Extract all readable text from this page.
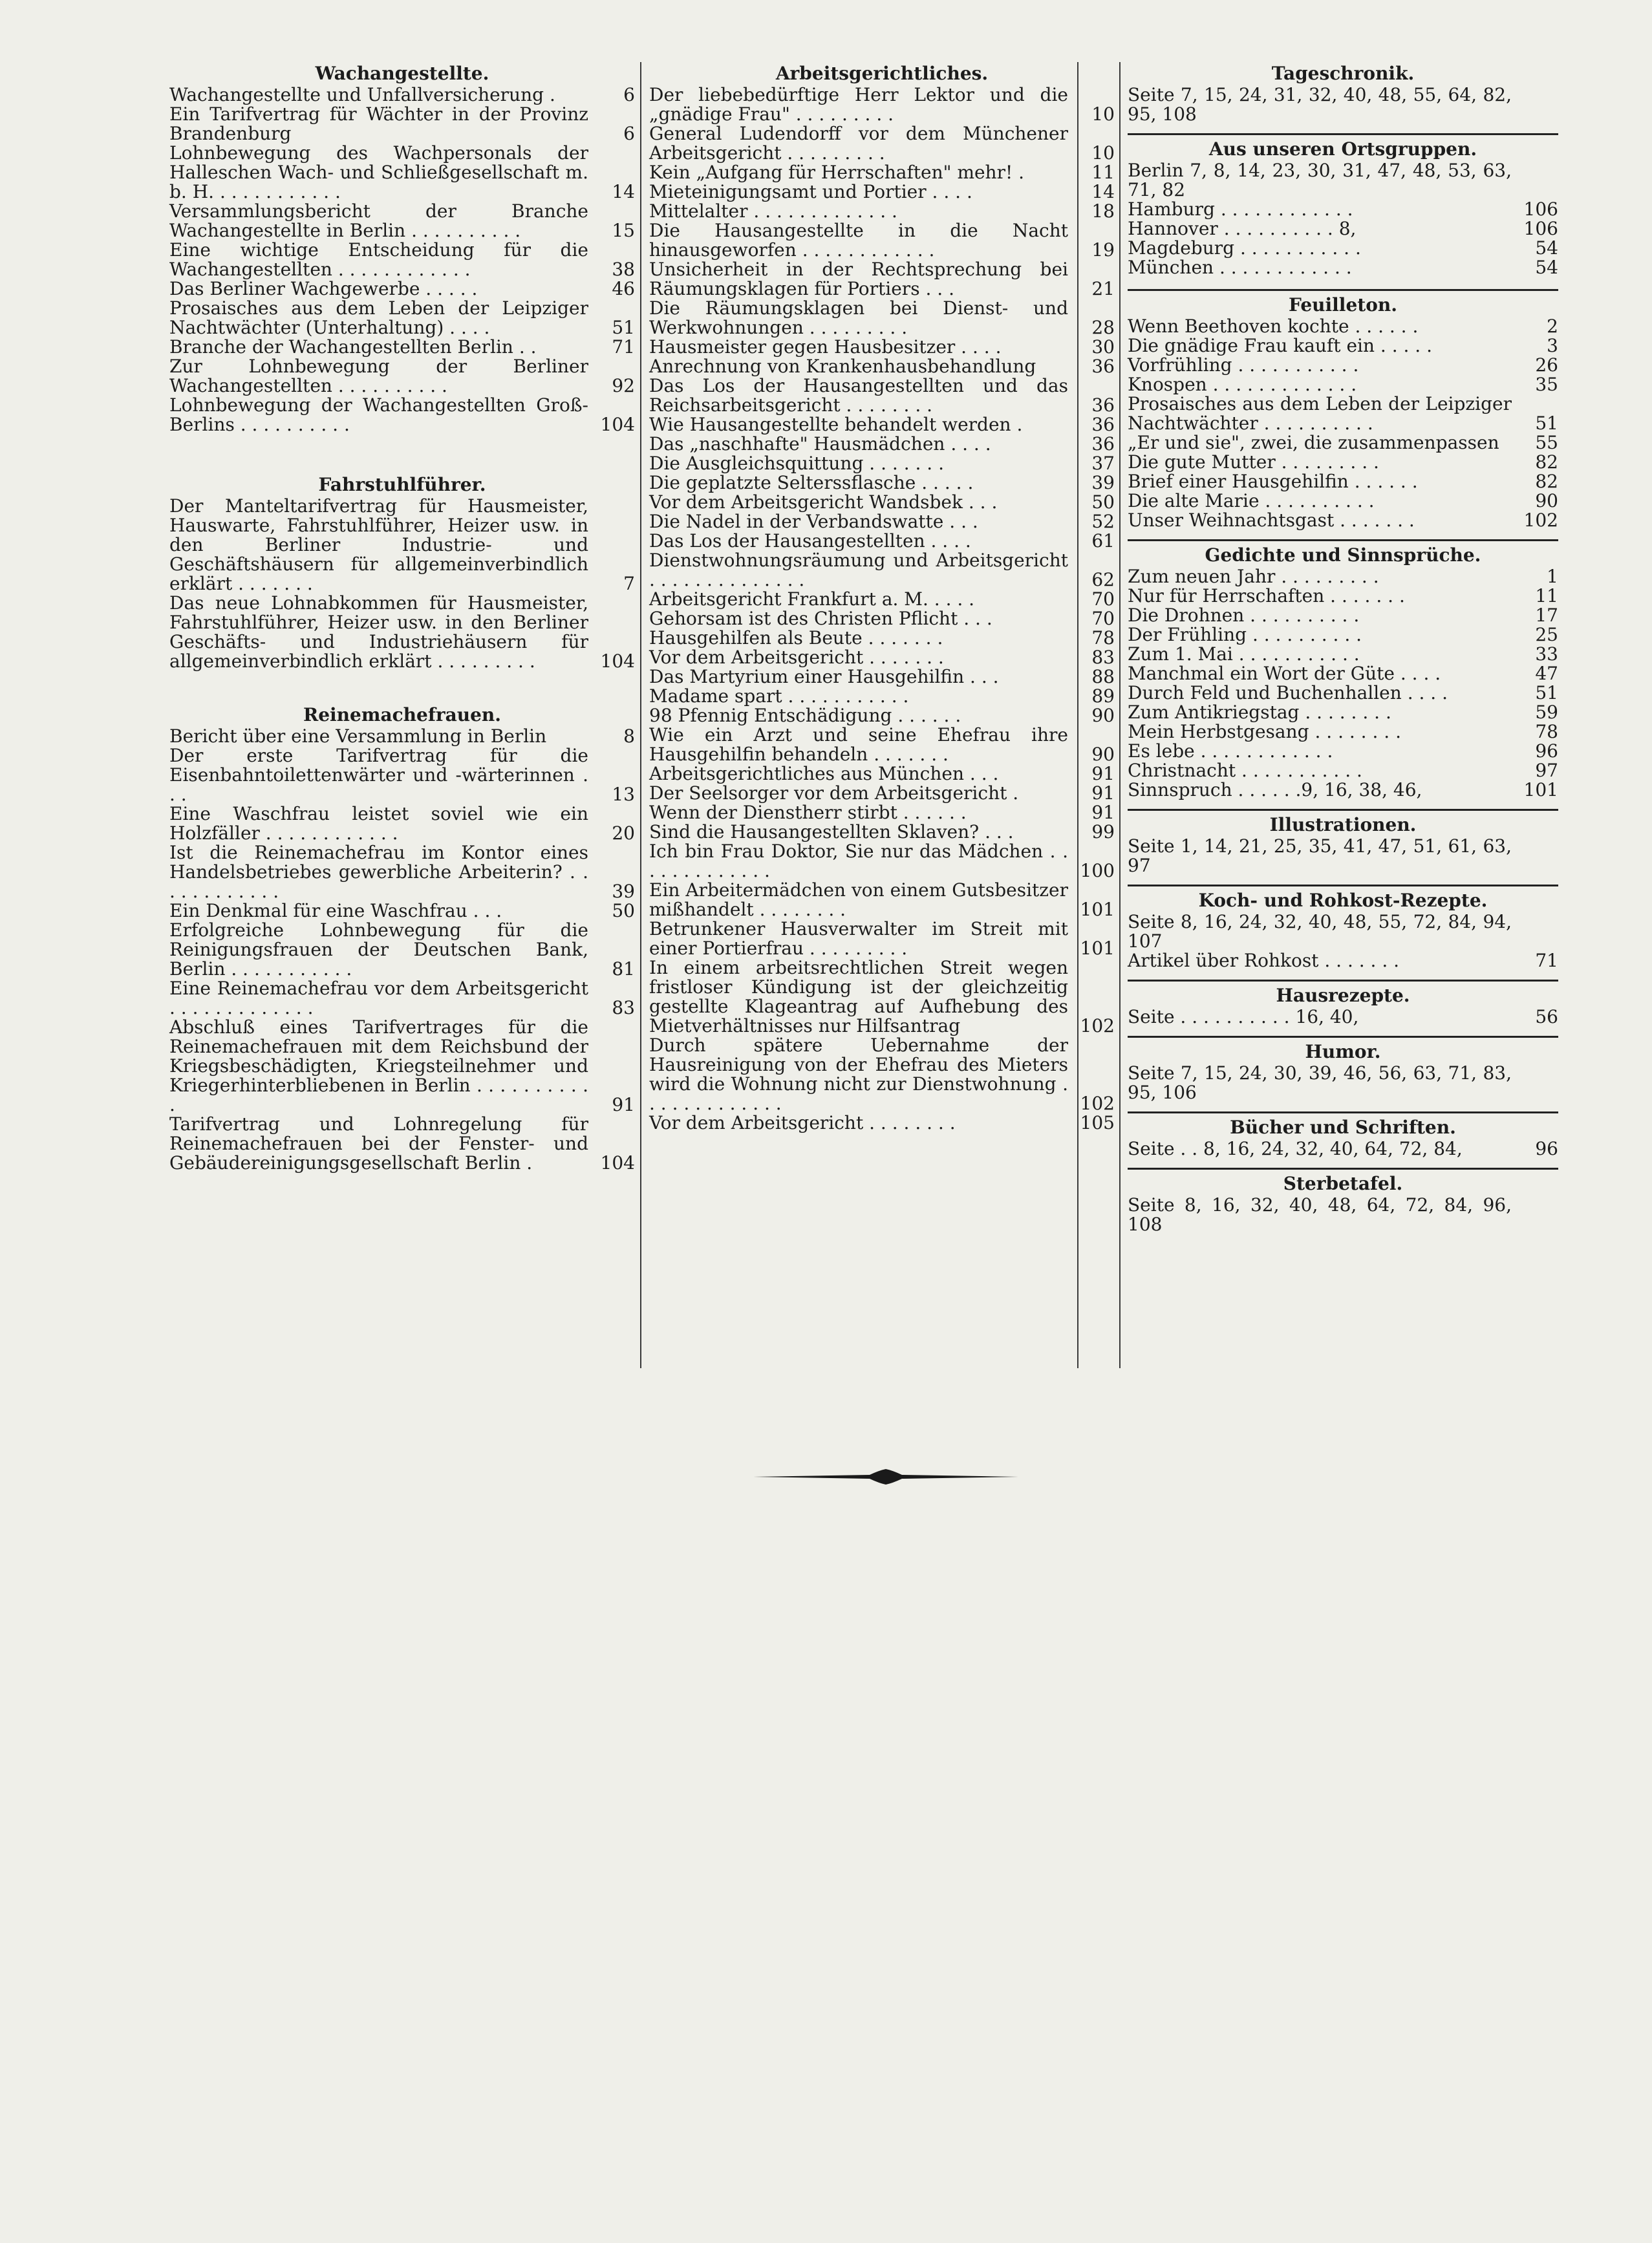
Wachangestellte.
Wachangestellte und Unfallversicherung .	6
Ein Tarifvertrag für Wächter in der Provinz Brandenburg	6
Lohnbewegung des Wachpersonals der Halleschen Wach- und Schließgesellschaft m. b. H. . . . . . . . . . . .	14
Versammlungsbericht der Branche Wachangestellte in Berlin . . . . . . . . . .	15
Eine wichtige Entscheidung für die Wachangestellten . . . . . . . . . . . .	38
Das Berliner Wachgewerbe . . . . .	46
Prosaisches aus dem Leben der Leipziger Nachtwächter (Unterhaltung) . . . .	51
Branche der Wachangestellten Berlin . .	71
Zur Lohnbewegung der Berliner Wachangestellten . . . . . . . . . .	92
Lohnbewegung der Wachangestellten Groß-Berlins . . . . . . . . . .	104
Fahrstuhlführer.
Der Manteltarifvertrag für Hausmeister, Hauswarte, Fahrstuhlführer, Heizer usw. in den Berliner Industrie- und Geschäftshäusern für allgemeinverbindlich erklärt . . . . . . .	7
Das neue Lohnabkommen für Hausmeister, Fahrstuhlführer, Heizer usw. in den Berliner Geschäfts- und Industriehäusern für allgemeinverbindlich erklärt . . . . . . . . .	104
Reinemachefrauen.
Bericht über eine Versammlung in Berlin	8
Der erste Tarifvertrag für die Eisenbahntoilettenwärter und -wärterinnen . . .	13
Eine Waschfrau leistet soviel wie ein Holzfäller . . . . . . . . . . . .	20
Ist die Reinemachefrau im Kontor eines Handelsbetriebes gewerbliche Arbeiterin? . . . . . . . . . . . .	39
Ein Denkmal für eine Waschfrau . . .	50
Erfolgreiche Lohnbewegung für die Reinigungsfrauen der Deutschen Bank, Berlin . . . . . . . . . . .	81
Eine Reinemachefrau vor dem Arbeitsgericht . . . . . . . . . . . . .	83
Abschluß eines Tarifvertrages für die Reinemachefrauen mit dem Reichsbund der Kriegsbeschädigten, Kriegsteilnehmer und Kriegerhinterbliebenen in Berlin . . . . . . . . . . .	91
Tarifvertrag und Lohnregelung für Reinemachefrauen bei der Fenster- und Gebäudereinigungsgesellschaft Berlin .	104
Arbeitsgerichtliches.
Der liebebedürftige Herr Lektor und die „gnädige Frau" . . . . . . . . .	10
General Ludendorff vor dem Münchener Arbeitsgericht . . . . . . . . .	10
Kein „Aufgang für Herrschaften" mehr! .	11
Mieteinigungsamt und Portier . . . .	14
Mittelalter . . . . . . . . . . . . .	18
Die Hausangestellte in die Nacht hinausgeworfen . . . . . . . . . . . .	19
Unsicherheit in der Rechtsprechung bei Räumungsklagen für Portiers . . .	21
Die Räumungsklagen bei Dienst- und Werkwohnungen . . . . . . . . .	28
Hausmeister gegen Hausbesitzer . . . .	30
Anrechnung von Krankenhausbehandlung	36
Das Los der Hausangestellten und das Reichsarbeitsgericht . . . . . . . .	36
Wie Hausangestellte behandelt werden .	36
Das „naschhafte" Hausmädchen . . . .	36
Die Ausgleichsquittung . . . . . . .	37
Die geplatzte Selterssflasche . . . . .	39
Vor dem Arbeitsgericht Wandsbek . . .	50
Die Nadel in der Verbandswatte . . .	52
Das Los der Hausangestellten . . . .	61
Dienstwohnungsräumung und Arbeitsgericht . . . . . . . . . . . . . .	62
Arbeitsgericht Frankfurt a. M. . . . .	70
Gehorsam ist des Christen Pflicht . . .	70
Hausgehilfen als Beute . . . . . . .	78
Vor dem Arbeitsgericht . . . . . . .	83
Das Martyrium einer Hausgehilfin . . .	88
Madame spart . . . . . . . . . . .	89
98 Pfennig Entschädigung . . . . . .	90
Wie ein Arzt und seine Ehefrau ihre Hausgehilfin behandeln . . . . . . .	90
Arbeitsgerichtliches aus München . . .	91
Der Seelsorger vor dem Arbeitsgericht .	91
Wenn der Dienstherr stirbt . . . . . .	91
Sind die Hausangestellten Sklaven? . . .	99
Ich bin Frau Doktor, Sie nur das Mädchen . . . . . . . . . . . . .	100
Ein Arbeitermädchen von einem Gutsbesitzer mißhandelt . . . . . . . .	101
Betrunkener Hausverwalter im Streit mit einer Portierfrau . . . . . . . . .	101
In einem arbeitsrechtlichen Streit wegen fristloser Kündigung ist der gleichzeitig gestellte Klageantrag auf Aufhebung des Mietverhältnisses nur Hilfsantrag	102
Durch spätere Uebernahme der Hausreinigung von der Ehefrau des Mieters wird die Wohnung nicht zur Dienstwohnung . . . . . . . . . . . . .	102
Vor dem Arbeitsgericht . . . . . . . .	105
Tageschronik.
Seite 7, 15, 24, 31, 32, 40, 48, 55, 64, 82, 95, 108
Aus unseren Ortsgruppen.
Berlin 7, 8, 14, 23, 30, 31, 47, 48, 53, 63, 71, 82
Hamburg . . . . . . . . . . . .	106
Hannover . . . . . . . . . . 8,	106
Magdeburg . . . . . . . . . . .	54
München . . . . . . . . . . . .	54
Feuilleton.
Wenn Beethoven kochte . . . . . .	2
Die gnädige Frau kauft ein . . . . .	3
Vorfrühling . . . . . . . . . . .	26
Knospen . . . . . . . . . . . . .	35
Prosaisches aus dem Leben der Leipziger Nachtwächter . . . . . . . . . .	51
„Er und sie", zwei, die zusammenpassen	55
Die gute Mutter . . . . . . . . .	82
Brief einer Hausgehilfin . . . . . .	82
Die alte Marie . . . . . . . . . .	90
Unser Weihnachtsgast . . . . . . .	102
Gedichte und Sinnsprüche.
Zum neuen Jahr . . . . . . . . .	1
Nur für Herrschaften . . . . . . .	11
Die Drohnen . . . . . . . . . .	17
Der Frühling . . . . . . . . . .	25
Zum 1. Mai . . . . . . . . . . .	33
Manchmal ein Wort der Güte . . . .	47
Durch Feld und Buchenhallen . . . .	51
Zum Antikriegstag . . . . . . . .	59
Mein Herbstgesang . . . . . . . .	78
Es lebe . . . . . . . . . . . .	96
Christnacht . . . . . . . . . . .	97
Sinnspruch . . . . . .9, 16, 38, 46,	101
Illustrationen.
Seite 1, 14, 21, 25, 35, 41, 47, 51, 61, 63, 97
Koch- und Rohkost-Rezepte.
Seite 8, 16, 24, 32, 40, 48, 55, 72, 84, 94, 107
Artikel über Rohkost . . . . . . .	71
Hausrezepte.
Seite . . . . . . . . . . 16, 40,	56
Humor.
Seite 7, 15, 24, 30, 39, 46, 56, 63, 71, 83, 95, 106
Bücher und Schriften.
Seite . . 8, 16, 24, 32, 40, 64, 72, 84,	96
Sterbetafel.
Seite 8, 16, 32, 40, 48, 64, 72, 84, 96, 108
